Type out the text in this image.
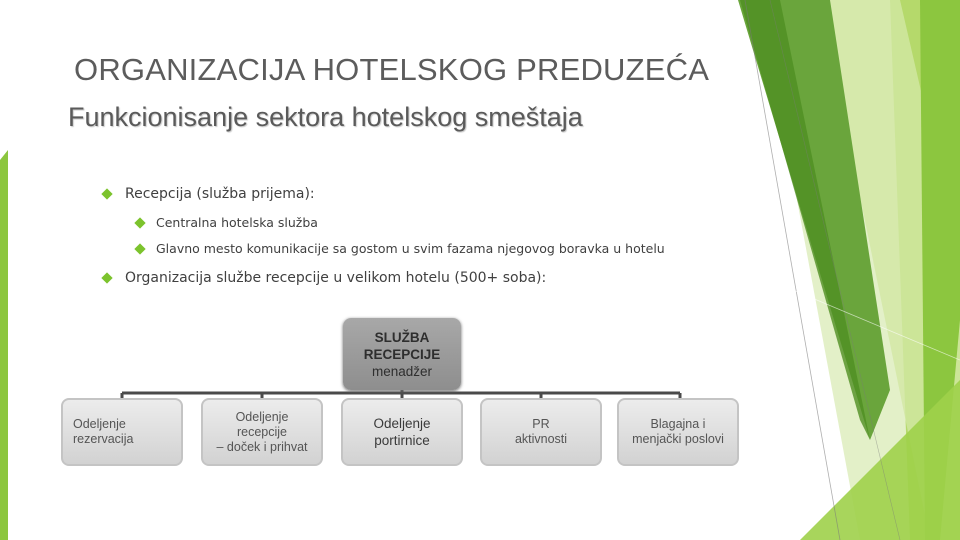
ORGANIZACIJA HOTELSKOG PREDUZEĆA
Funkcionisanje sektora hotelskog smeštaja
Recepcija (služba prijema):
Centralna hotelska služba
Glavno mesto komunikacije sa gostom u svim fazama njegovog boravka u hotelu
Organizacija službe recepcije u velikom hotelu (500+ soba):
SLUŽBA
RECEPCIJE
menadžer
Odeljenje
rezervacija
Odeljenje
recepcije
– doček i prihvat
Odeljenje
portirnice
PR
aktivnosti
Blagajna i
menjački poslovi
